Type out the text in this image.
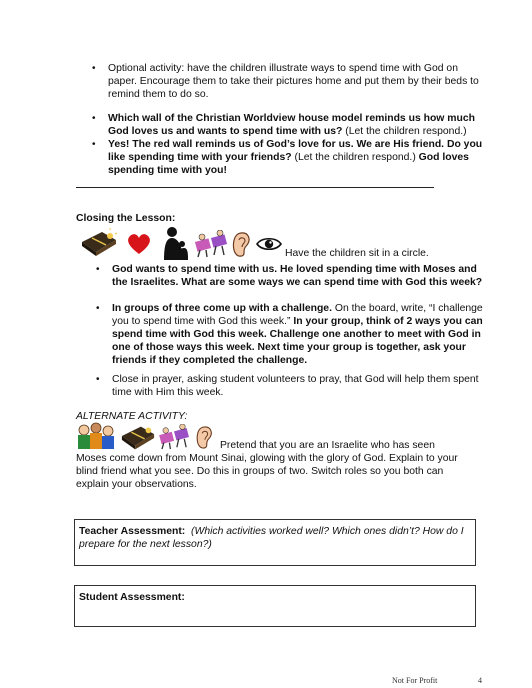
• Optional activity: have the children illustrate ways to spend time with God on paper. Encourage them to take their pictures home and put them by their beds to remind them to do so.
• Which wall of the Christian Worldview house model reminds us how much God loves us and wants to spend time with us? (Let the children respond.)
• Yes! The red wall reminds us of God’s love for us. We are His friend. Do you like spending time with your friends? (Let the children respond.) God loves spending time with you!
Closing the Lesson:
Have the children sit in a circle.
• God wants to spend time with us. He loved spending time with Moses and the Israelites. What are some ways we can spend time with God this week?
• In groups of three come up with a challenge. On the board, write, “I challenge you to spend time with God this week.” In your group, think of 2 ways you can spend time with God this week. Challenge one another to meet with God in one of those ways this week. Next time your group is together, ask your friends if they completed the challenge.
• Close in prayer, asking student volunteers to pray, that God will help them spent time with Him this week.
ALTERNATE ACTIVITY:
Pretend that you are an Israelite who has seen Moses come down from Mount Sinai, glowing with the glory of God. Explain to your blind friend what you see. Do this in groups of two. Switch roles so you both can explain your observations.
Teacher Assessment: (Which activities worked well? Which ones didn’t? How do I prepare for the next lesson?)
Student Assessment:
Not For Profit	4
